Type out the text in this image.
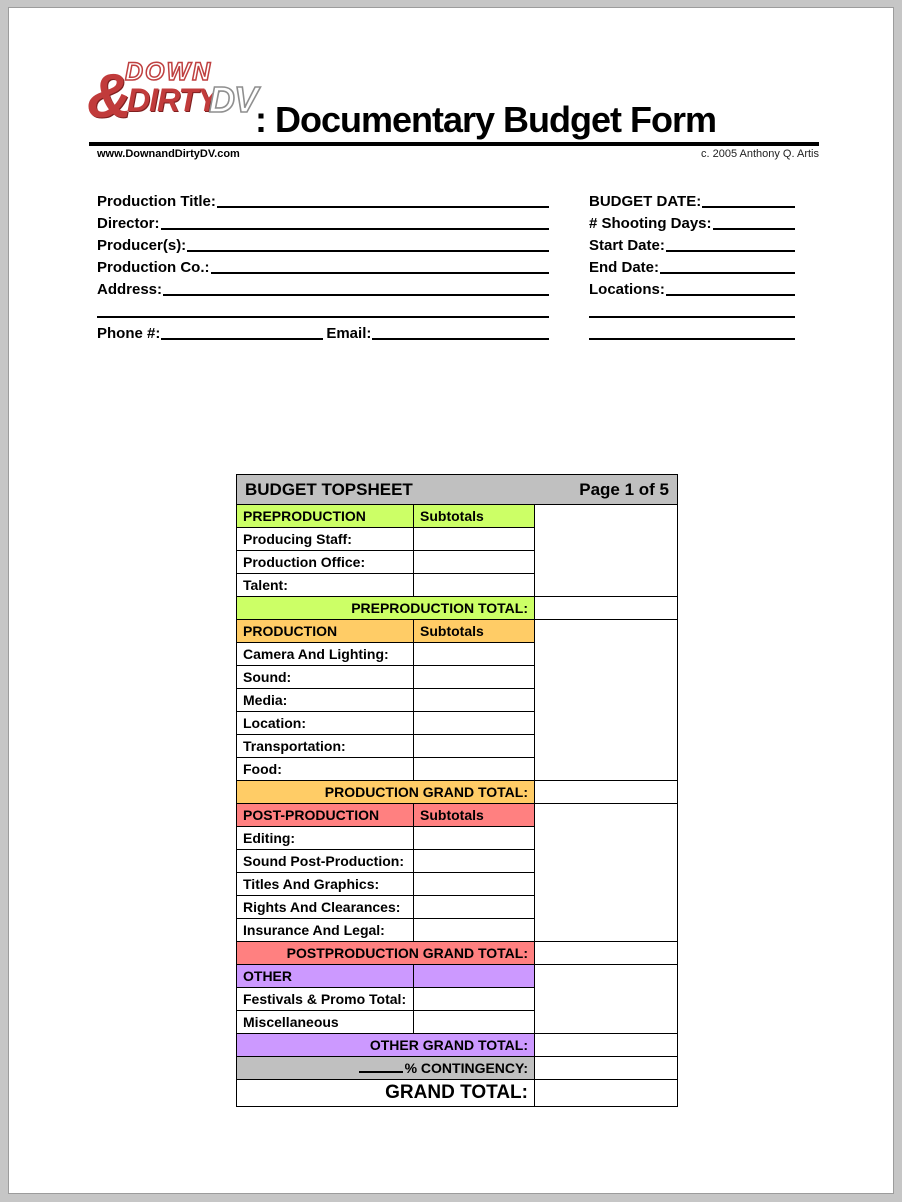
DOWN
&
DIRTY
DV
: Documentary Budget Form
www.DownandDirtyDV.com	c. 2005 Anthony Q. Artis
Production Title:
Director:
Producer(s):
Production Co.:
Address:
Phone #:	Email:
BUDGET DATE:
# Shooting Days:
Start Date:
End Date:
Locations:
BUDGET TOPSHEET Page 1 of 5		

PREPRODUCTION	Subtotals	
Producing Staff:		
Production Office:		
Talent:		
PREPRODUCTION TOTAL:		
PRODUCTION	Subtotals	
Camera And Lighting:		
Sound:		
Media:		
Location:		
Transportation:		
Food:		
PRODUCTION GRAND TOTAL:		
POST-PRODUCTION	Subtotals	
Editing:		
Sound Post-Production:		
Titles And Graphics:		
Rights And Clearances:		
Insurance And Legal:		
POSTPRODUCTION GRAND TOTAL:		
OTHER		
Festivals & Promo Total:		
Miscellaneous		
OTHER GRAND TOTAL:		
% CONTINGENCY:		
GRAND TOTAL:		
